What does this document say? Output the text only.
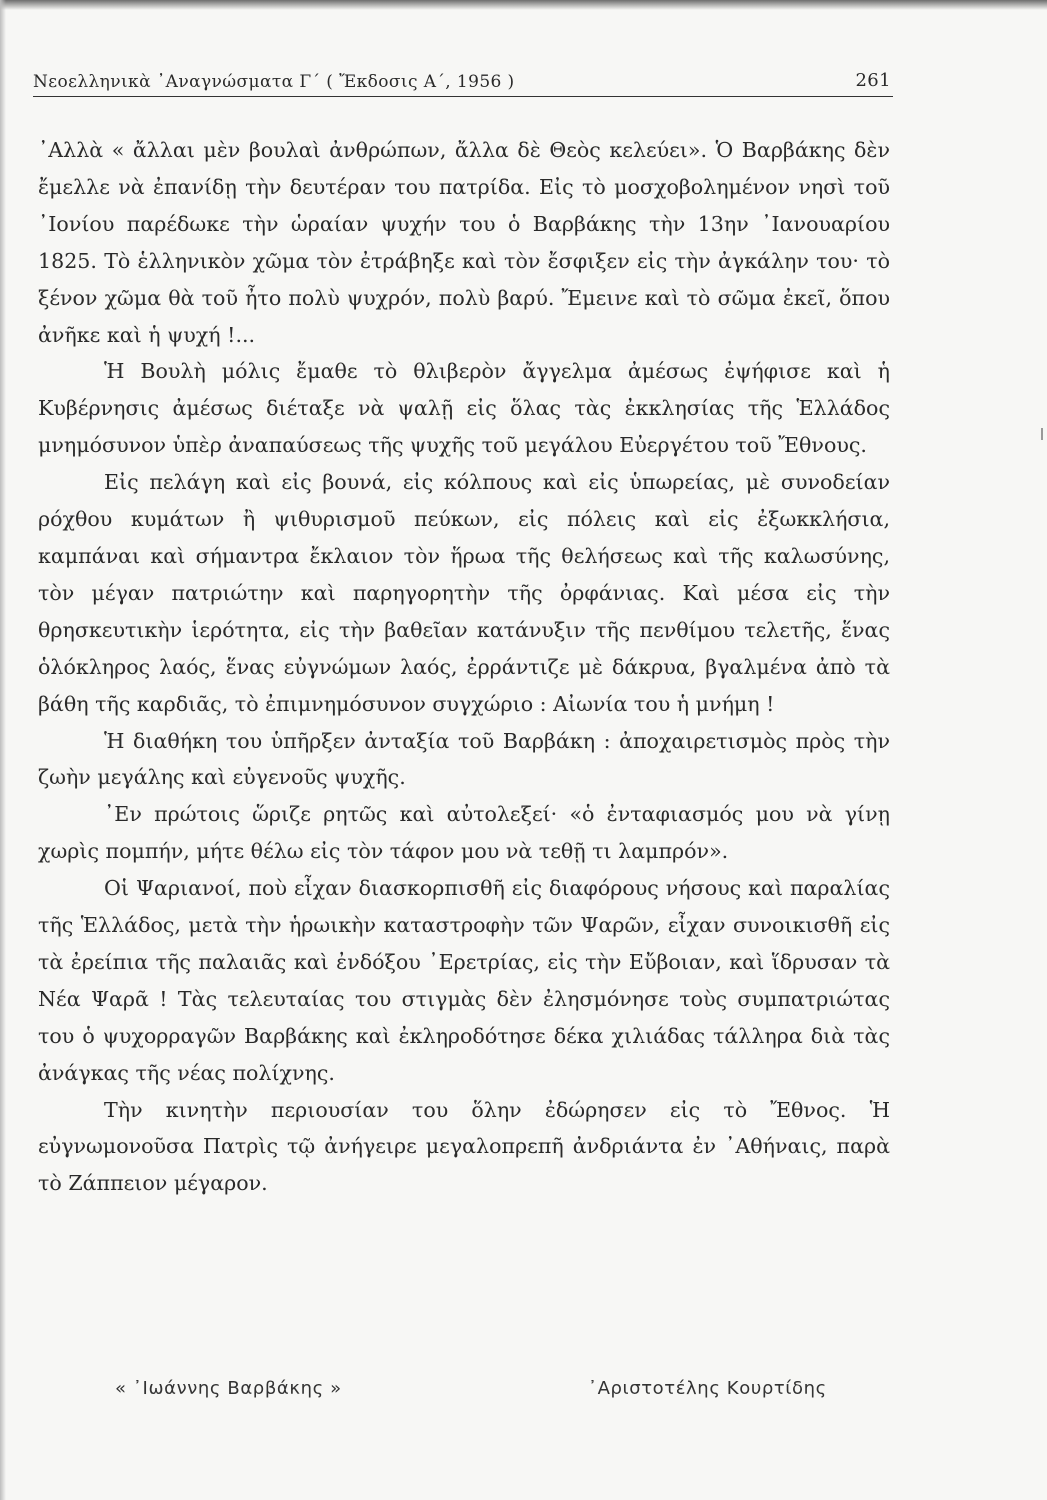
Νεοελληνικὰ ᾿Αναγνώσματα Γ΄ ( Ἔκδοσις Α΄, 1956 )	261

᾿Αλλὰ « ἄλλαι μὲν βουλαὶ ἀνθρώπων, ἄλλα δὲ Θεὸς κελεύει». Ὁ Βαρβάκης δὲν ἔμελλε νὰ ἐπανίδῃ τὴν δευτέραν του πατρίδα. Εἰς τὸ μοσχοβολημένον νησὶ τοῦ ᾿Ιονίου παρέδωκε τὴν ὡραίαν ψυχήν του ὁ Βαρβάκης τὴν 13ην ᾿Ιανουαρίου 1825. Τὸ ἑλληνικὸν χῶμα τὸν ἐτράβηξε καὶ τὸν ἔσφιξεν εἰς τὴν ἀγκάλην του· τὸ ξένον χῶμα θὰ τοῦ ἦτο πολὺ ψυχρόν, πολὺ βαρύ. Ἔμεινε καὶ τὸ σῶμα ἐκεῖ, ὅπου ἀνῆκε καὶ ἡ ψυχή !...

Ἡ Βουλὴ μόλις ἔμαθε τὸ θλιβερὸν ἄγγελμα ἀμέσως ἐψήφισε καὶ ἡ Κυβέρνησις ἀμέσως διέταξε νὰ ψαλῇ εἰς ὅλας τὰς ἐκκλησίας τῆς Ἑλλάδος μνημόσυνον ὑπὲρ ἀναπαύσεως τῆς ψυχῆς τοῦ μεγάλου Εὐεργέτου τοῦ Ἔθνους.

Εἰς πελάγη καὶ εἰς βουνά, εἰς κόλπους καὶ εἰς ὑπωρείας, μὲ συνοδείαν ρόχθου κυμάτων ἢ ψιθυρισμοῦ πεύκων, εἰς πόλεις καὶ εἰς ἐξωκκλήσια, καμπάναι καὶ σήμαντρα ἔκλαιον τὸν ἥρωα τῆς θελήσεως καὶ τῆς καλωσύνης, τὸν μέγαν πατριώτην καὶ παρηγορητὴν τῆς ὀρφάνιας. Καὶ μέσα εἰς τὴν θρησκευτικὴν ἱερότητα, εἰς τὴν βαθεῖαν κατάνυξιν τῆς πενθίμου τελετῆς, ἕνας ὁλόκληρος λαός, ἕνας εὐγνώμων λαός, ἐρράντιζε μὲ δάκρυα, βγαλμένα ἀπὸ τὰ βάθη τῆς καρδιᾶς, τὸ ἐπιμνημόσυνον συγχώριο : Αἰωνία του ἡ μνήμη !

Ἡ διαθήκη του ὑπῆρξεν ἀνταξία τοῦ Βαρβάκη : ἀποχαιρετισμὸς πρὸς τὴν ζωὴν μεγάλης καὶ εὐγενοῦς ψυχῆς.

᾿Εν πρώτοις ὥριζε ρητῶς καὶ αὐτολεξεί· «ὁ ἐνταφιασμός μου νὰ γίνῃ χωρὶς πομπήν, μήτε θέλω εἰς τὸν τάφον μου νὰ τεθῇ τι λαμπρόν».

Οἱ Ψαριανοί, ποὺ εἶχαν διασκορπισθῆ εἰς διαφόρους νήσους καὶ παραλίας τῆς Ἑλλάδος, μετὰ τὴν ἡρωικὴν καταστροφὴν τῶν Ψαρῶν, εἶχαν συνοικισθῆ εἰς τὰ ἐρείπια τῆς παλαιᾶς καὶ ἐνδόξου ᾿Ερετρίας, εἰς τὴν Εὔβοιαν, καὶ ἵδρυσαν τὰ Νέα Ψαρᾶ ! Τὰς τελευταίας του στιγμὰς δὲν ἐλησμόνησε τοὺς συμπατριώτας του ὁ ψυχορραγῶν Βαρβάκης καὶ ἐκληροδότησε δέκα χιλιάδας τάλληρα διὰ τὰς ἀνάγκας τῆς νέας πολίχνης.

Τὴν κινητὴν περιουσίαν του ὅλην ἐδώρησεν εἰς τὸ Ἔθνος. Ἡ εὐγνωμονοῦσα Πατρὶς τῷ ἀνήγειρε μεγαλοπρεπῆ ἀνδριάντα ἐν ᾿Αθήναις, παρὰ τὸ Ζάππειον μέγαρον.

« ᾿Ιωάννης Βαρβάκης »	᾿Αριστοτέλης Κουρτίδης
